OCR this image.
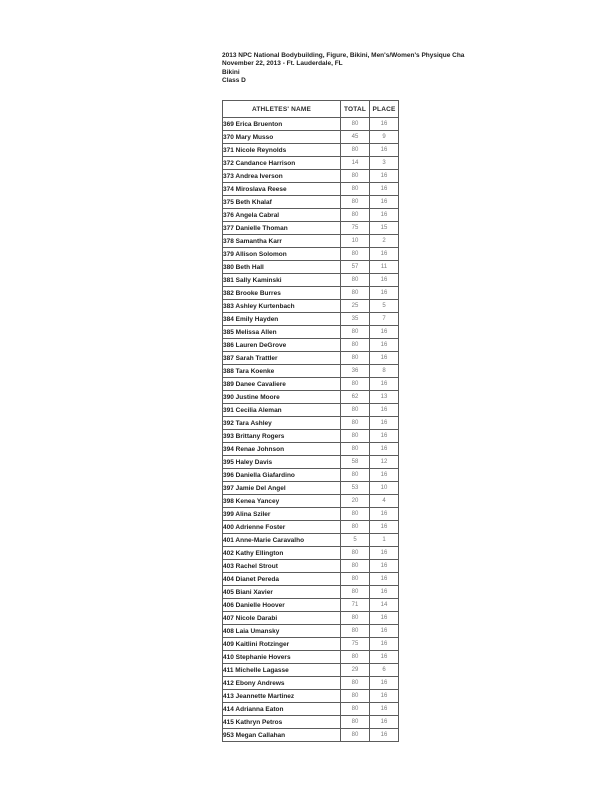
2013 NPC National Bodybuilding, Figure, Bikini, Men's/Women's Physique Cha
November 22, 2013 - Ft. Lauderdale, FL
Bikini
Class D
ATHLETES' NAME	TOTAL	PLACE
369 Erica Bruenton	80	16
370 Mary Musso	45	9
371 Nicole Reynolds	80	16
372 Candance Harrison	14	3
373 Andrea Iverson	80	16
374 Miroslava Reese	80	16
375 Beth Khalaf	80	16
376 Angela Cabral	80	16
377 Danielle Thoman	75	15
378 Samantha Karr	10	2
379 Allison Solomon	80	16
380 Beth Hall	57	11
381 Sally Kaminski	80	16
382 Brooke Burres	80	16
383 Ashley Kurtenbach	25	5
384 Emily Hayden	35	7
385 Melissa Allen	80	16
386 Lauren DeGrove	80	16
387 Sarah Trattler	80	16
388 Tara Koenke	36	8
389 Danee Cavaliere	80	16
390 Justine Moore	62	13
391 Cecilia Aleman	80	16
392 Tara Ashley	80	16
393 Brittany Rogers	80	16
394 Renae Johnson	80	16
395 Haley Davis	58	12
396 Daniella Giafardino	80	16
397 Jamie Del Angel	53	10
398 Kenea Yancey	20	4
399 Alina Sziler	80	16
400 Adrienne Foster	80	16
401 Anne-Marie Caravalho	5	1
402 Kathy Ellington	80	16
403 Rachel Strout	80	16
404 Dianet Pereda	80	16
405 Biani Xavier	80	16
406 Danielle Hoover	71	14
407 Nicole Darabi	80	16
408 Laia Umansky	80	16
409 Kaitlini Rotzinger	75	16
410 Stephanie Hovers	80	16
411 Michelle Lagasse	29	6
412 Ebony Andrews	80	16
413 Jeannette Martinez	80	16
414 Adrianna Eaton	80	16
415 Kathryn Petros	80	16
953 Megan Callahan	80	16
